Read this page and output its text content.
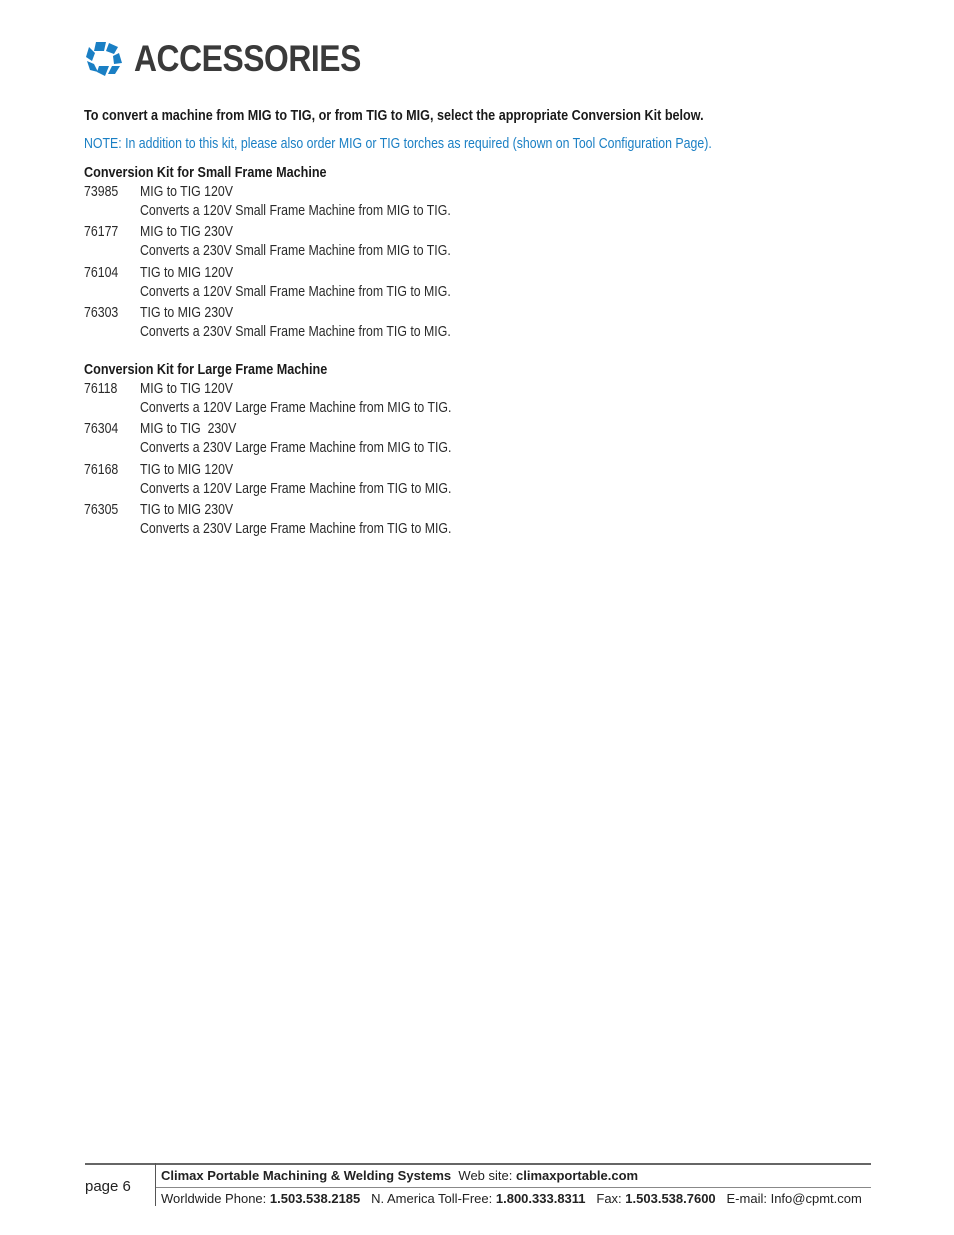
ACCESSORIES
To convert a machine from MIG to TIG, or from TIG to MIG, select the appropriate Conversion Kit below.
NOTE: In addition to this kit, please also order MIG or TIG torches as required (shown on Tool Configuration Page).
Conversion Kit for Small Frame Machine
73985 MIG to TIG 120V
Converts a 120V Small Frame Machine from MIG to TIG.
76177 MIG to TIG 230V
Converts a 230V Small Frame Machine from MIG to TIG.
76104 TIG to MIG 120V
Converts a 120V Small Frame Machine from TIG to MIG.
76303 TIG to MIG 230V
Converts a 230V Small Frame Machine from TIG to MIG.
Conversion Kit for Large Frame Machine
76118 MIG to TIG 120V
Converts a 120V Large Frame Machine from MIG to TIG.
76304 MIG to TIG  230V
Converts a 230V Large Frame Machine from MIG to TIG.
76168 TIG to MIG 120V
Converts a 120V Large Frame Machine from TIG to MIG.
76305 TIG to MIG 230V
Converts a 230V Large Frame Machine from TIG to MIG.
page 6
Climax Portable Machining & Welding Systems Web site: climaxportable.com
Worldwide Phone: 1.503.538.2185 N. America Toll-Free: 1.800.333.8311 Fax: 1.503.538.7600 E-mail: Info@cpmt.com
